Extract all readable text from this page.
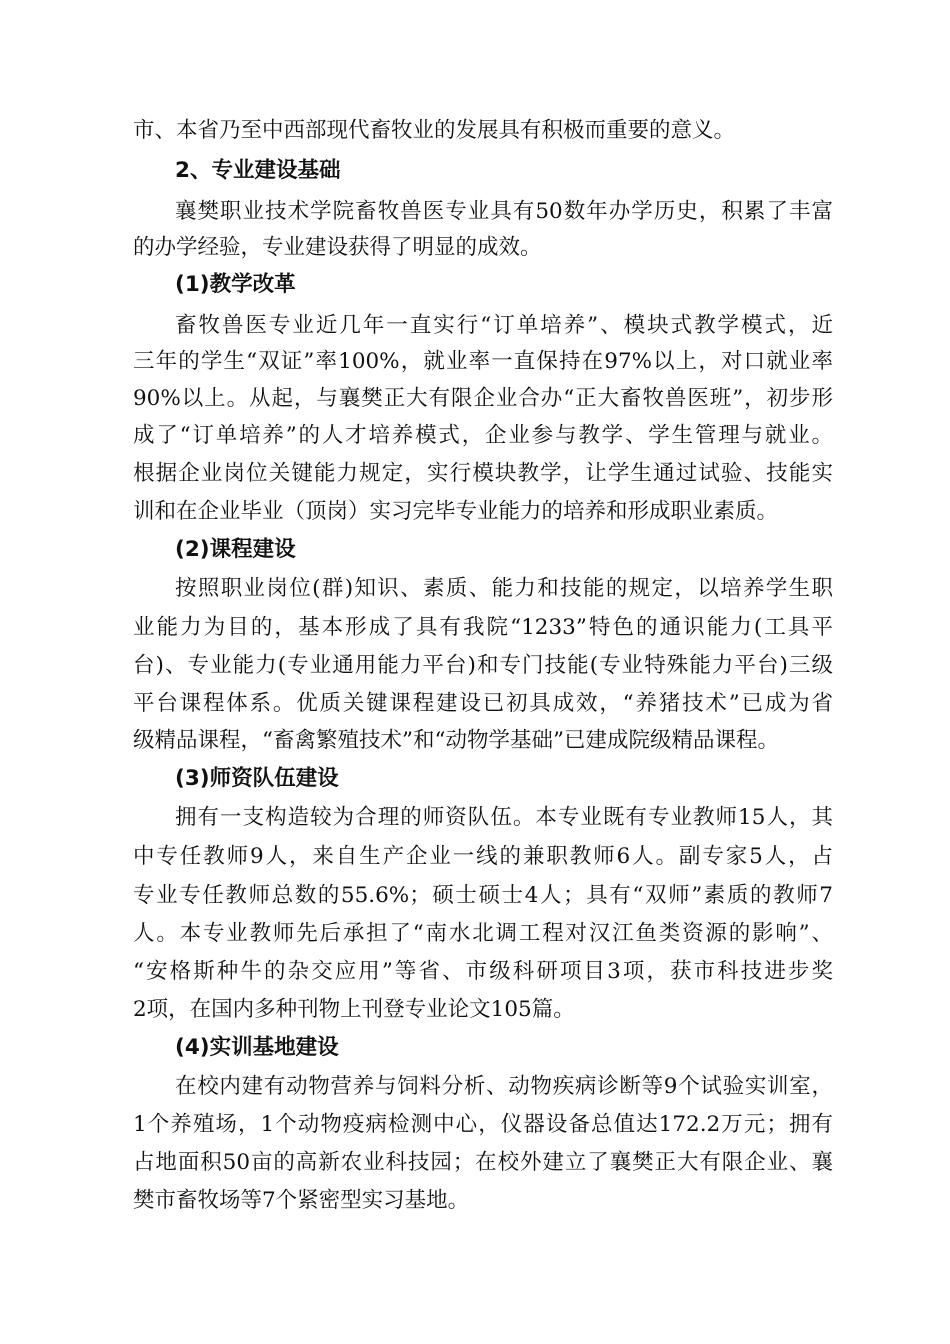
市、本省乃至中西部现代畜牧业的发展具有积极而重要的意义。
2、专业建设基础
襄樊职业技术学院畜牧兽医专业具有50数年办学历史，积累了丰富
的办学经验，专业建设获得了明显的成效。
(1)教学改革
畜牧兽医专业近几年一直实行“订单培养”、模块式教学模式，近
三年的学生“双证”率100%，就业率一直保持在97%以上，对口就业率
90%以上。从起，与襄樊正大有限企业合办“正大畜牧兽医班”，初步形
成了“订单培养”的人才培养模式，企业参与教学、学生管理与就业。
根据企业岗位关键能力规定，实行模块教学，让学生通过试验、技能实
训和在企业毕业（顶岗）实习完毕专业能力的培养和形成职业素质。
(2)课程建设
按照职业岗位(群)知识、素质、能力和技能的规定，以培养学生职
业能力为目的，基本形成了具有我院“1233”特色的通识能力(工具平
台)、专业能力(专业通用能力平台)和专门技能(专业特殊能力平台)三级
平台课程体系。优质关键课程建设已初具成效，“养猪技术”已成为省
级精品课程，“畜禽繁殖技术”和“动物学基础”已建成院级精品课程。
(3)师资队伍建设
拥有一支构造较为合理的师资队伍。本专业既有专业教师15人，其
中专任教师9人，来自生产企业一线的兼职教师6人。副专家5人，占
专业专任教师总数的55.6%；硕士硕士4人；具有“双师”素质的教师7
人。本专业教师先后承担了“南水北调工程对汉江鱼类资源的影响”、
“安格斯种牛的杂交应用”等省、市级科研项目3项，获市科技进步奖
2项，在国内多种刊物上刊登专业论文105篇。
(4)实训基地建设
在校内建有动物营养与饲料分析、动物疾病诊断等9个试验实训室，
1个养殖场，1个动物疫病检测中心，仪器设备总值达172.2万元；拥有
占地面积50亩的高新农业科技园；在校外建立了襄樊正大有限企业、襄
樊市畜牧场等7个紧密型实习基地。
